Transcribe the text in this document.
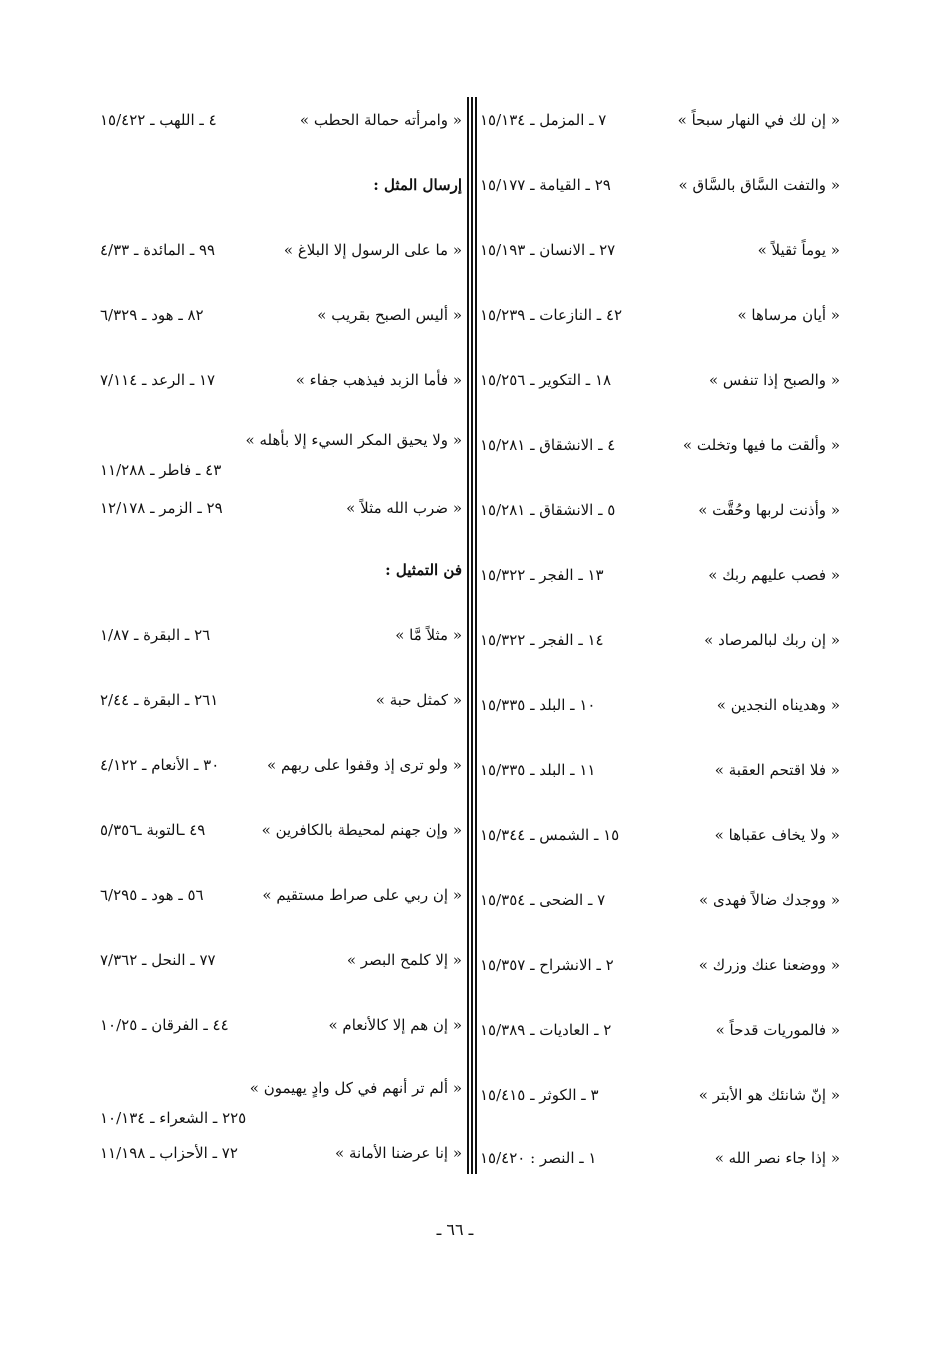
« إن لك في النهار سبحاً »
٧ ـ المزمل ـ ١٥/١٣٤
« والتفت السَّاق بالسَّاق »
٢٩ ـ القيامة ـ ١٥/١٧٧
« يوماً ثقيلاً »
٢٧ ـ الانسان ـ ١٥/١٩٣
« أيان مرساها »
٤٢ ـ النازعات ـ ١٥/٢٣٩
« والصبح إذا تنفس »
١٨ ـ التكوير ـ ١٥/٢٥٦
« وألقت ما فيها وتخلت »
٤ ـ الانشقاق ـ ١٥/٢٨١
« وأذنت لربها وحُقَّت »
٥ ـ الانشقاق ـ ١٥/٢٨١
« فصب عليهم ربك »
١٣ ـ الفجر ـ ١٥/٣٢٢
« إن ربك لبالمرصاد »
١٤ ـ الفجر ـ ١٥/٣٢٢
« وهديناه النجدين »
١٠ ـ البلد ـ ١٥/٣٣٥
« فلا اقتحم العقبة »
١١ ـ البلد ـ ١٥/٣٣٥
« ولا يخاف عقباها »
١٥ ـ الشمس ـ ١٥/٣٤٤
« ووجدك ضالاً فهدى »
٧ ـ الضحى ـ ١٥/٣٥٤
« ووضعنا عنك وزرك »
٢ ـ الانشراح ـ ١٥/٣٥٧
« فالموريات قدحاً »
٢ ـ العاديات ـ ١٥/٣٨٩
« إنّ شانئك هو الأبتر »
٣ ـ الكوثر ـ ١٥/٤١٥
« إذا جاء نصر الله »
١ ـ النصر : ١٥/٤٢٠
« وامرأته حمالة الحطب »
٤ ـ اللهب ـ ١٥/٤٢٢
إرسال المثل :
« ما على الرسول إلا البلاغ »
٩٩ ـ المائدة ـ ٤/٣٣
« أليس الصبح بقريب »
٨٢ ـ هود ـ ٦/٣٢٩
« فأما الزبد فيذهب جفاء »
١٧ ـ الرعد ـ ٧/١١٤
« ولا يحيق المكر السيء إلا بأهله »
٤٣ ـ فاطر ـ ١١/٢٨٨
« ضرب الله مثلاً »
٢٩ ـ الزمر ـ ١٢/١٧٨
فن التمثيل :
« مثلاً مَّا »
٢٦ ـ البقرة ـ ١/٨٧
« كمثل حبة »
٢٦١ ـ البقرة ـ ٢/٤٤
« ولو ترى إذ وقفوا على ربهم »
٣٠ ـ الأنعام ـ ٤/١٢٢
« وإن جهنم لمحيطة بالكافرين »
٤٩ ـالتوبة ـ٥/٣٥٦
« إن ربي على صراط مستقيم »
٥٦ ـ هود ـ ٦/٢٩٥
« إلا كلمح البصر »
٧٧ ـ النحل ـ ٧/٣٦٢
« إن هم إلا كالأنعام »
٤٤ ـ الفرقان ـ ١٠/٢٥
« ألم تر أنهم في كل وادٍ يهيمون »
٢٢٥ ـ الشعراء ـ ١٠/١٣٤
« إنا عرضنا الأمانة »
٧٢ ـ الأحزاب ـ ١١/١٩٨
ـ ٦٦ ـ
